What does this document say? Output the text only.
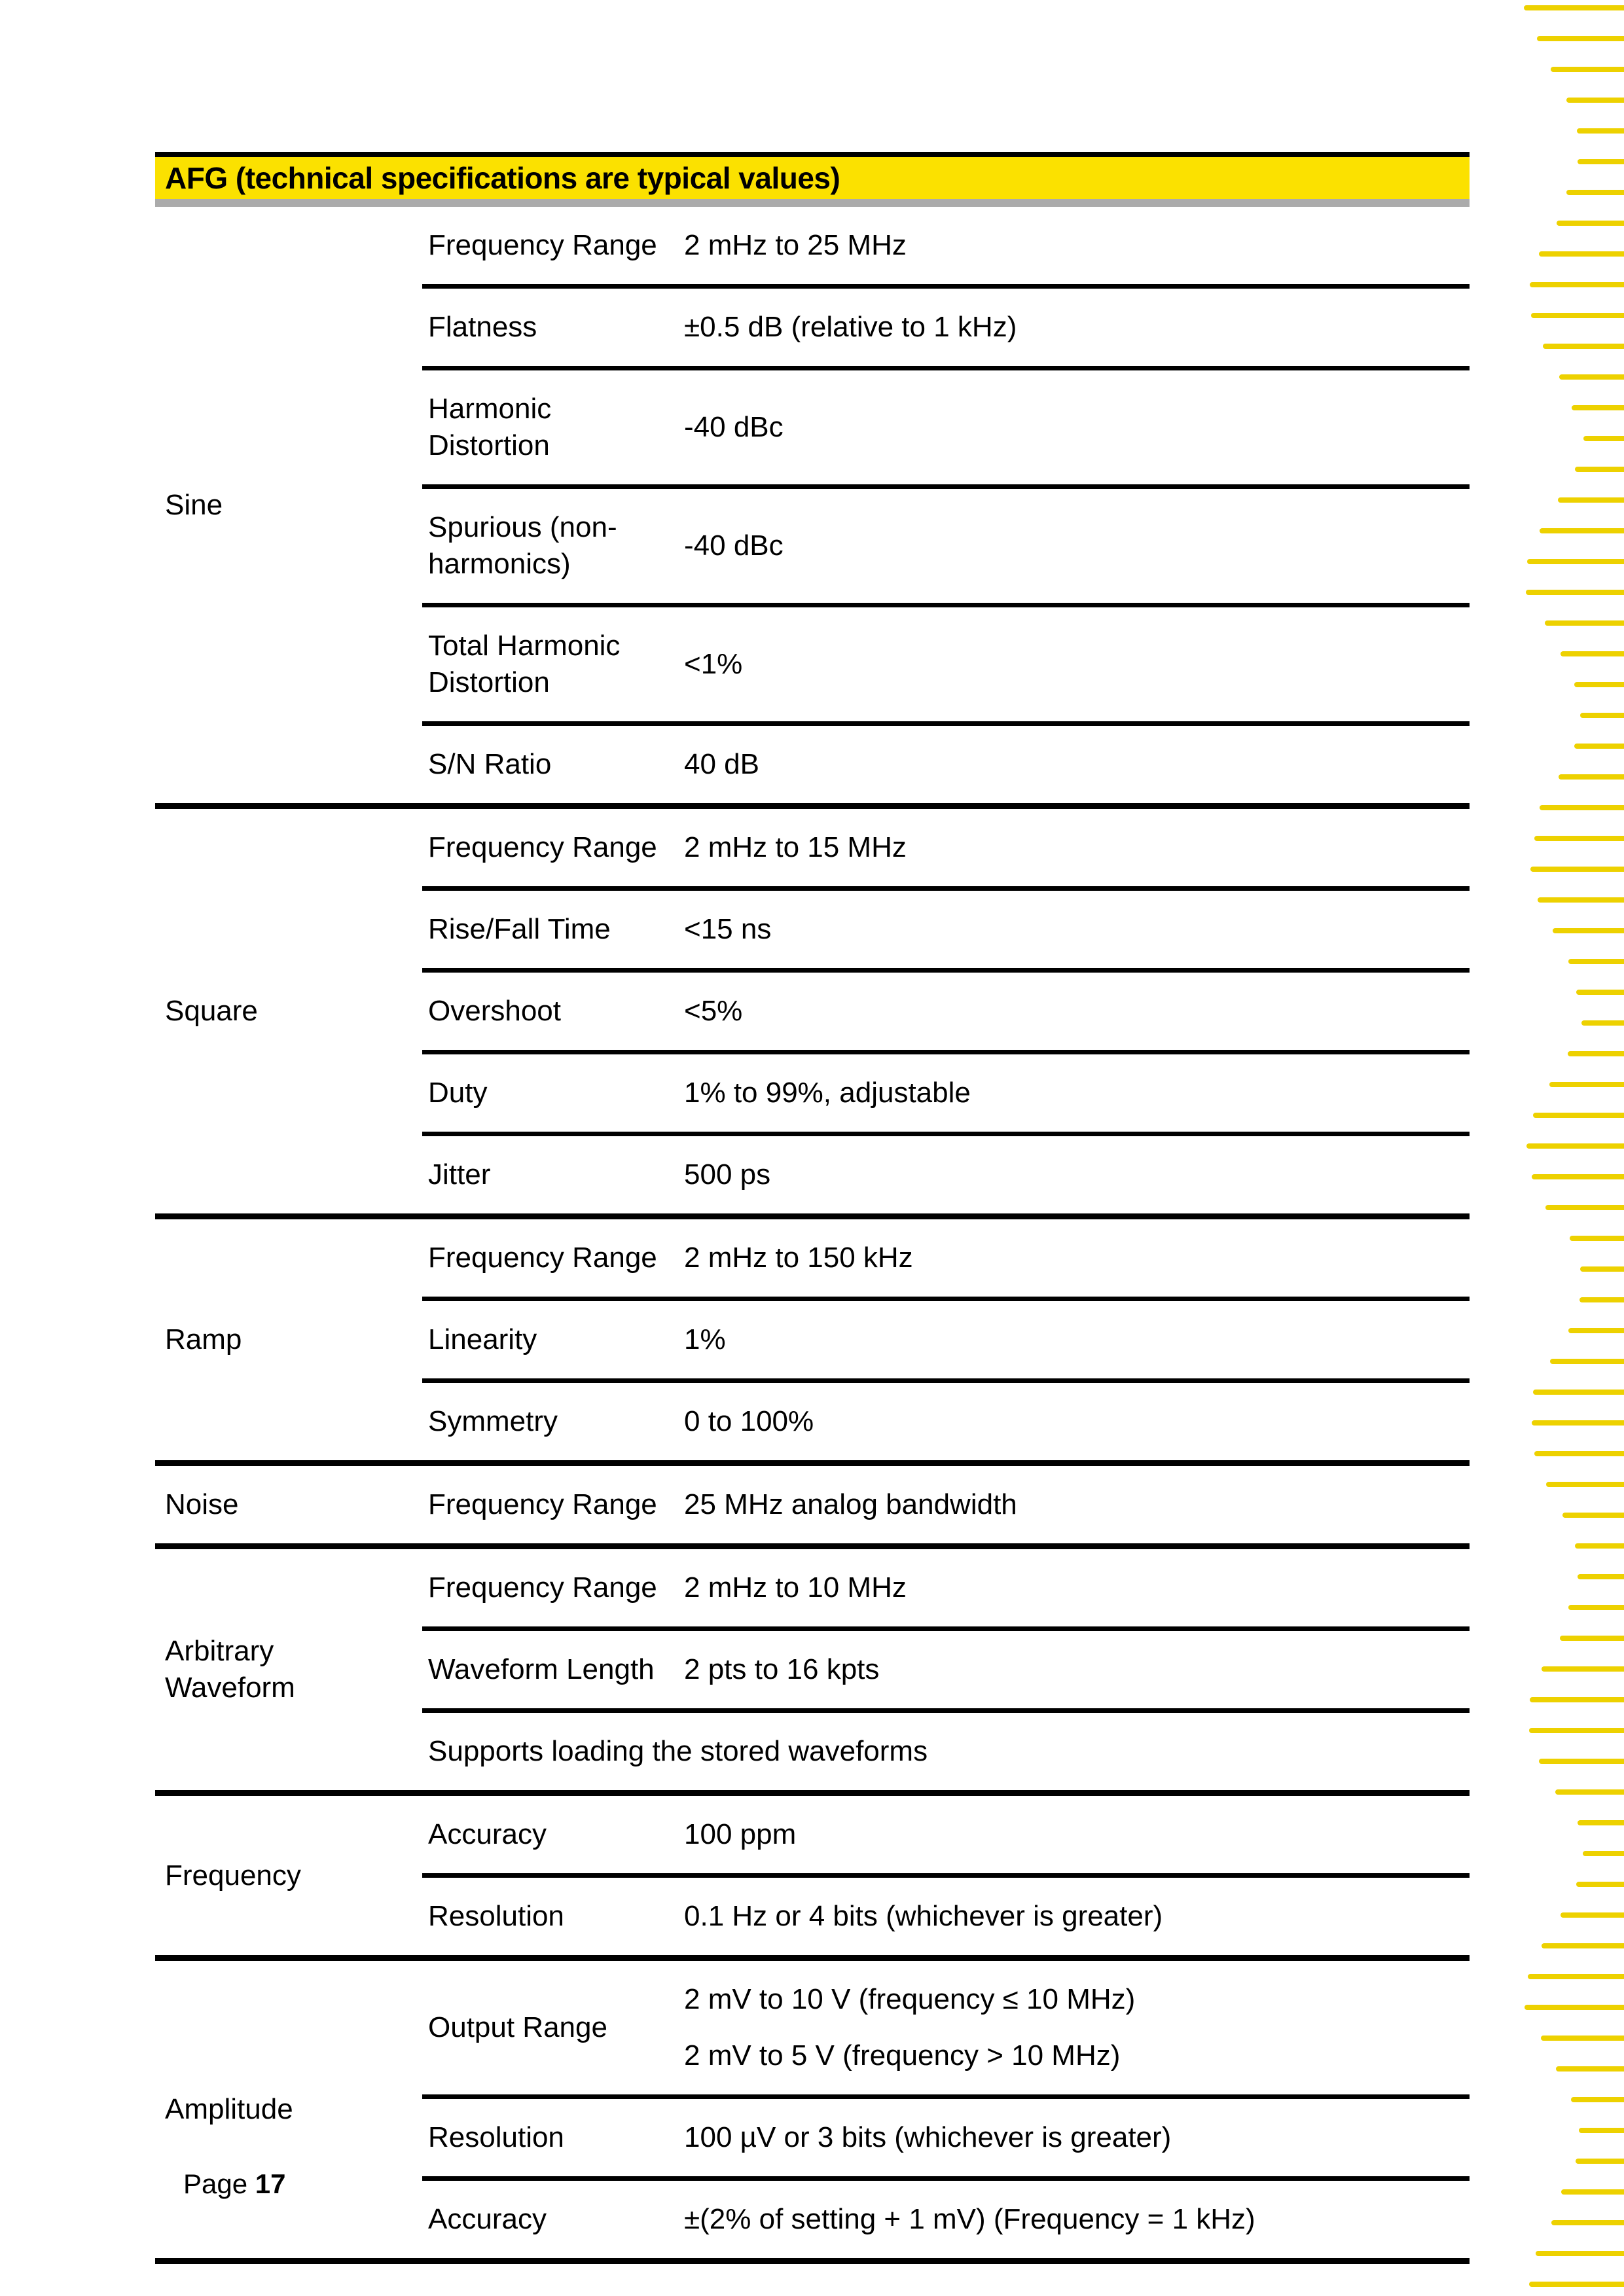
AFG (technical specifications are typical values)
Sine	Frequency Range	2 mHz to 25 MHz
	Flatness	±0.5 dB (relative to 1 kHz)
	Harmonic Distortion	-40 dBc
	Spurious (non-harmonics)	-40 dBc
	Total Harmonic Distortion	<1%
	S/N Ratio	40 dB
Square	Frequency Range	2 mHz to 15 MHz
	Rise/Fall Time	<15 ns
	Overshoot	<5%
	Duty	1% to 99%, adjustable
	Jitter	500 ps
Ramp	Frequency Range	2 mHz to 150 kHz
	Linearity	1%
	Symmetry	0 to 100%
Noise	Frequency Range	25 MHz analog bandwidth
Arbitrary Waveform	Frequency Range	2 mHz to 10 MHz
	Waveform Length	2 pts to 16 kpts
	Supports loading the stored waveforms	
Frequency	Accuracy	100 ppm
	Resolution	0.1 Hz or 4 bits (whichever is greater)
Amplitude	Output Range	2 mV to 10 V (frequency ≤ 10 MHz)
2 mV to 5 V (frequency > 10 MHz)

	Resolution	100 µV or 3 bits (whichever is greater)
	Accuracy	±(2% of setting + 1 mV) (Frequency = 1 kHz)
Page 17
